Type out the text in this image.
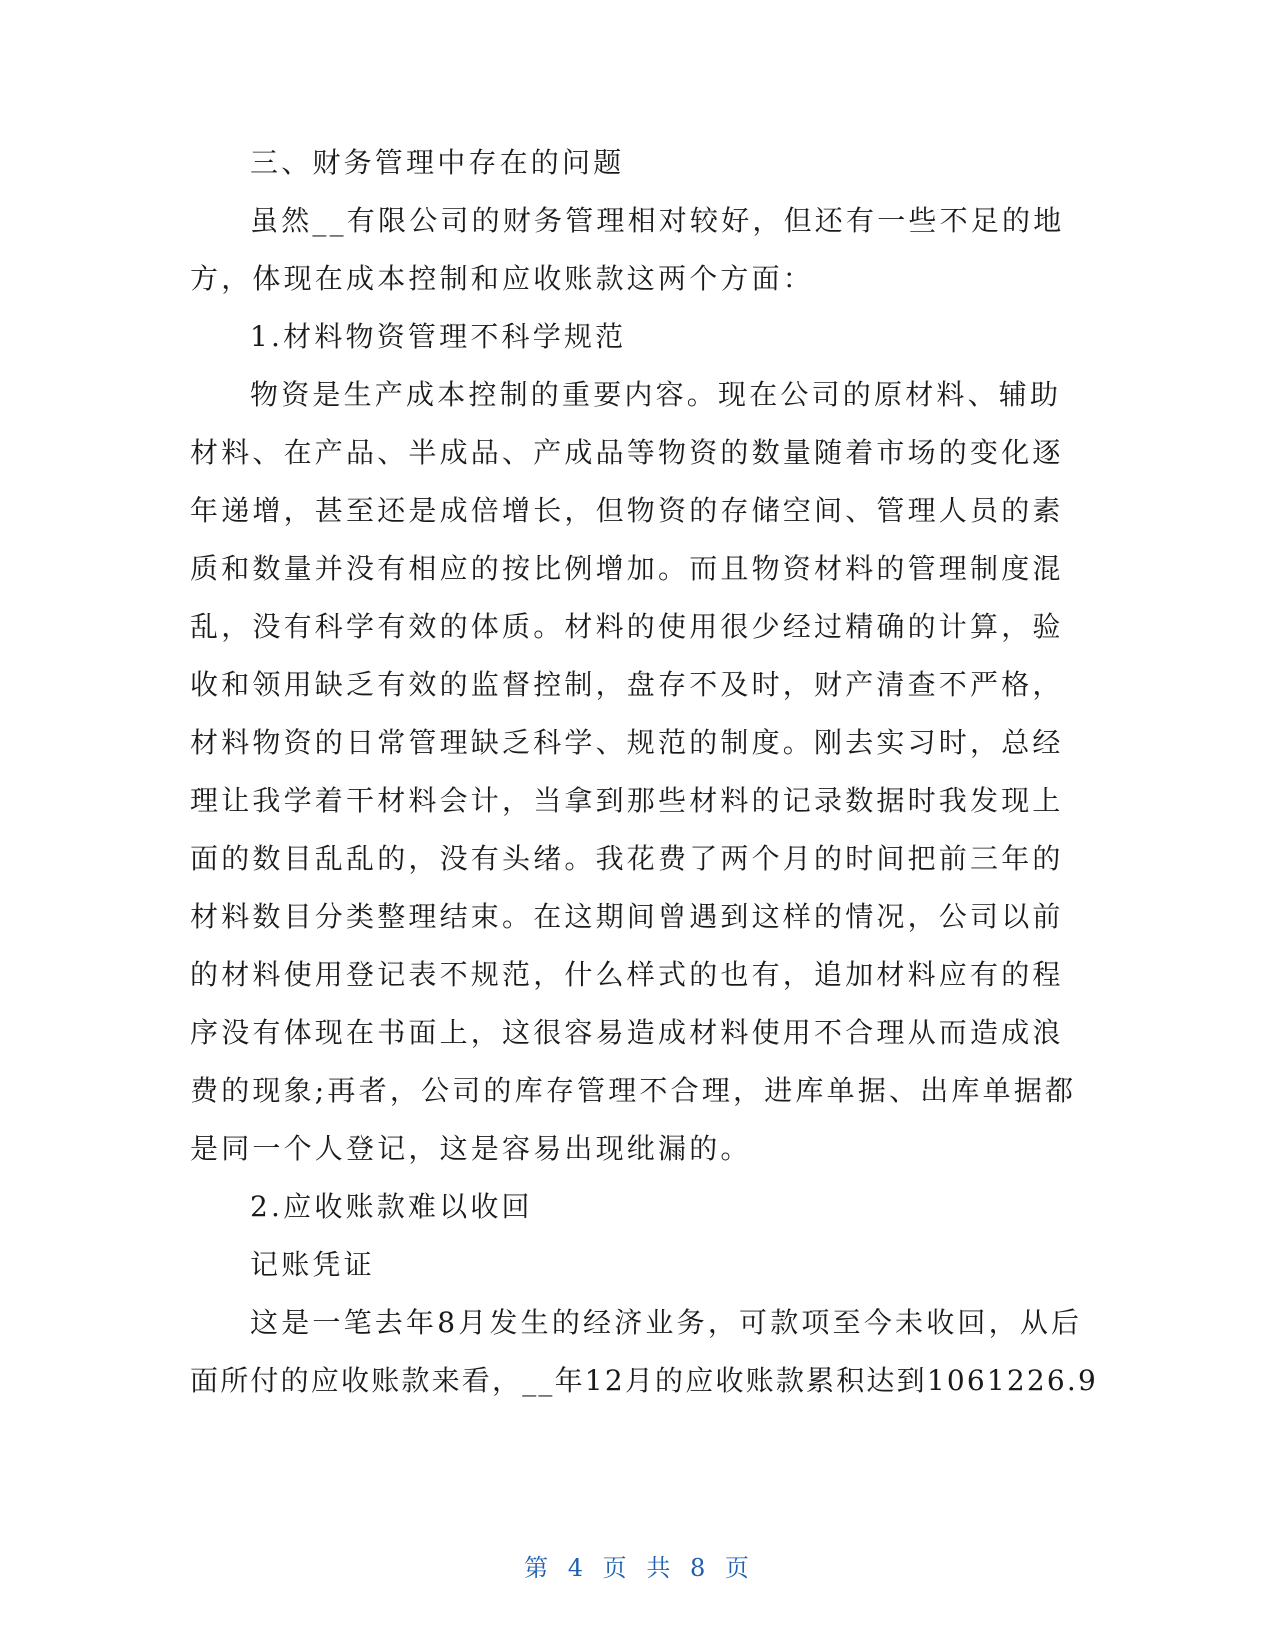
三、财务管理中存在的问题
虽然__有限公司的财务管理相对较好，但还有一些不足的地
方，体现在成本控制和应收账款这两个方面：
1.材料物资管理不科学规范
物资是生产成本控制的重要内容。现在公司的原材料、辅助
材料、在产品、半成品、产成品等物资的数量随着市场的变化逐
年递增，甚至还是成倍增长，但物资的存储空间、管理人员的素
质和数量并没有相应的按比例增加。而且物资材料的管理制度混
乱，没有科学有效的体质。材料的使用很少经过精确的计算，验
收和领用缺乏有效的监督控制，盘存不及时，财产清查不严格，
材料物资的日常管理缺乏科学、规范的制度。刚去实习时，总经
理让我学着干材料会计，当拿到那些材料的记录数据时我发现上
面的数目乱乱的，没有头绪。我花费了两个月的时间把前三年的
材料数目分类整理结束。在这期间曾遇到这样的情况，公司以前
的材料使用登记表不规范，什么样式的也有，追加材料应有的程
序没有体现在书面上，这很容易造成材料使用不合理从而造成浪
费的现象;再者，公司的库存管理不合理，进库单据、出库单据都
是同一个人登记，这是容易出现纰漏的。
2.应收账款难以收回
记账凭证
这是一笔去年8月发生的经济业务，可款项至今未收回，从后
面所付的应收账款来看，__年12月的应收账款累积达到1061226.9
第 4 页 共 8 页
